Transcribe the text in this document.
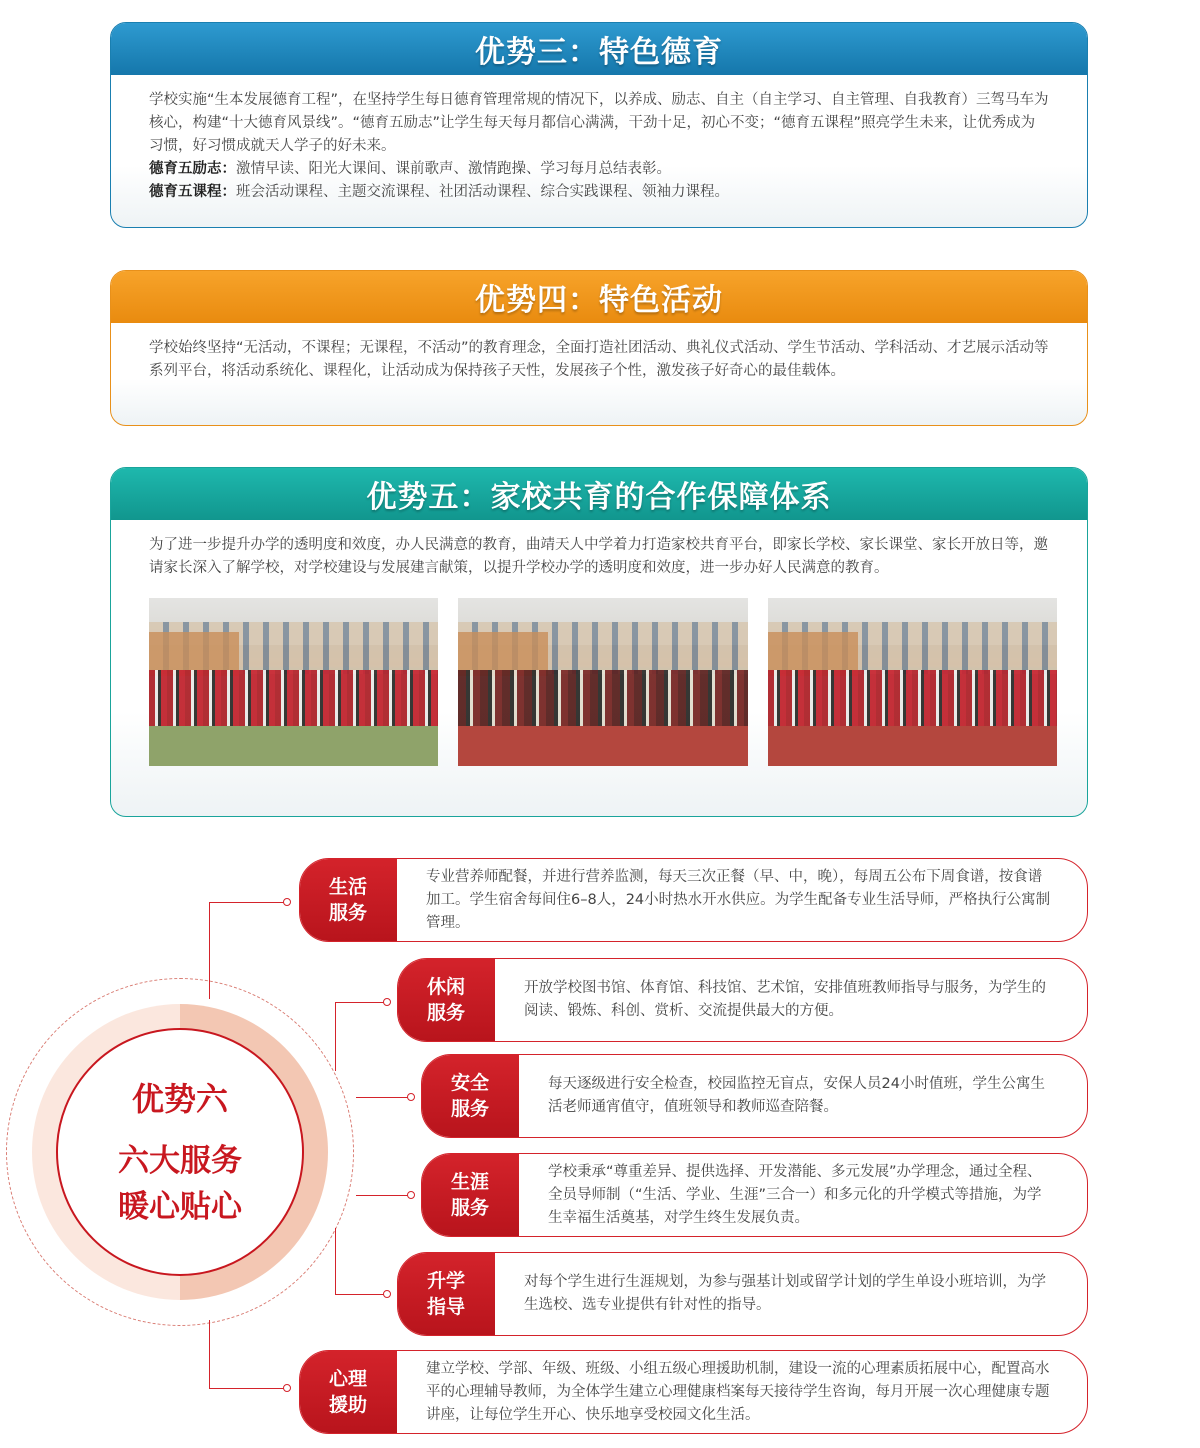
优势三：特色德育

学校实施“生本发展德育工程”，在坚持学生每日德育管理常规的情况下，以养成、励志、自主（自主学习、自主管理、自我教育）三驾马车为核心，构建“十大德育风景线”。“德育五励志”让学生每天每月都信心满满，干劲十足，初心不变；“德育五课程”照亮学生未来，让优秀成为习惯，好习惯成就天人学子的好未来。

德育五励志：激情早读、阳光大课间、课前歌声、激情跑操、学习每月总结表彰。

德育五课程：班会活动课程、主题交流课程、社团活动课程、综合实践课程、领袖力课程。

优势四：特色活动

学校始终坚持“无活动，不课程；无课程，不活动”的教育理念，全面打造社团活动、典礼仪式活动、学生节活动、学科活动、才艺展示活动等系列平台，将活动系统化、课程化，让活动成为保持孩子天性，发展孩子个性，激发孩子好奇心的最佳载体。

优势五：家校共育的合作保障体系

为了进一步提升办学的透明度和效度，办人民满意的教育，曲靖天人中学着力打造家校共育平台，即家长学校、家长课堂、家长开放日等，邀请家长深入了解学校，对学校建设与发展建言献策，以提升学校办学的透明度和效度，进一步办好人民满意的教育。

优势六
六大服务
暖心贴心
生活
服务
专业营养师配餐，并进行营养监测，每天三次正餐（早、中，晚），每周五公布下周食谱，按食谱加工。学生宿舍每间住6–8人，24小时热水开水供应。为学生配备专业生活导师，严格执行公寓制管理。
休闲
服务
开放学校图书馆、体育馆、科技馆、艺术馆，安排值班教师指导与服务，为学生的阅读、锻炼、科创、赏析、交流提供最大的方便。
安全
服务
每天逐级进行安全检查，校园监控无盲点，安保人员24小时值班，学生公寓生活老师通宵值守，值班领导和教师巡查陪餐。
生涯
服务
学校秉承“尊重差异、提供选择、开发潜能、多元发展”办学理念，通过全程、全员导师制（“生活、学业、生涯”三合一）和多元化的升学模式等措施，为学生幸福生活奠基，对学生终生发展负责。
升学
指导
对每个学生进行生涯规划，为参与强基计划或留学计划的学生单设小班培训，为学生选校、选专业提供有针对性的指导。
心理
援助
建立学校、学部、年级、班级、小组五级心理援助机制，建设一流的心理素质拓展中心，配置高水平的心理辅导教师，为全体学生建立心理健康档案每天接待学生咨询，每月开展一次心理健康专题讲座，让每位学生开心、快乐地享受校园文化生活。
